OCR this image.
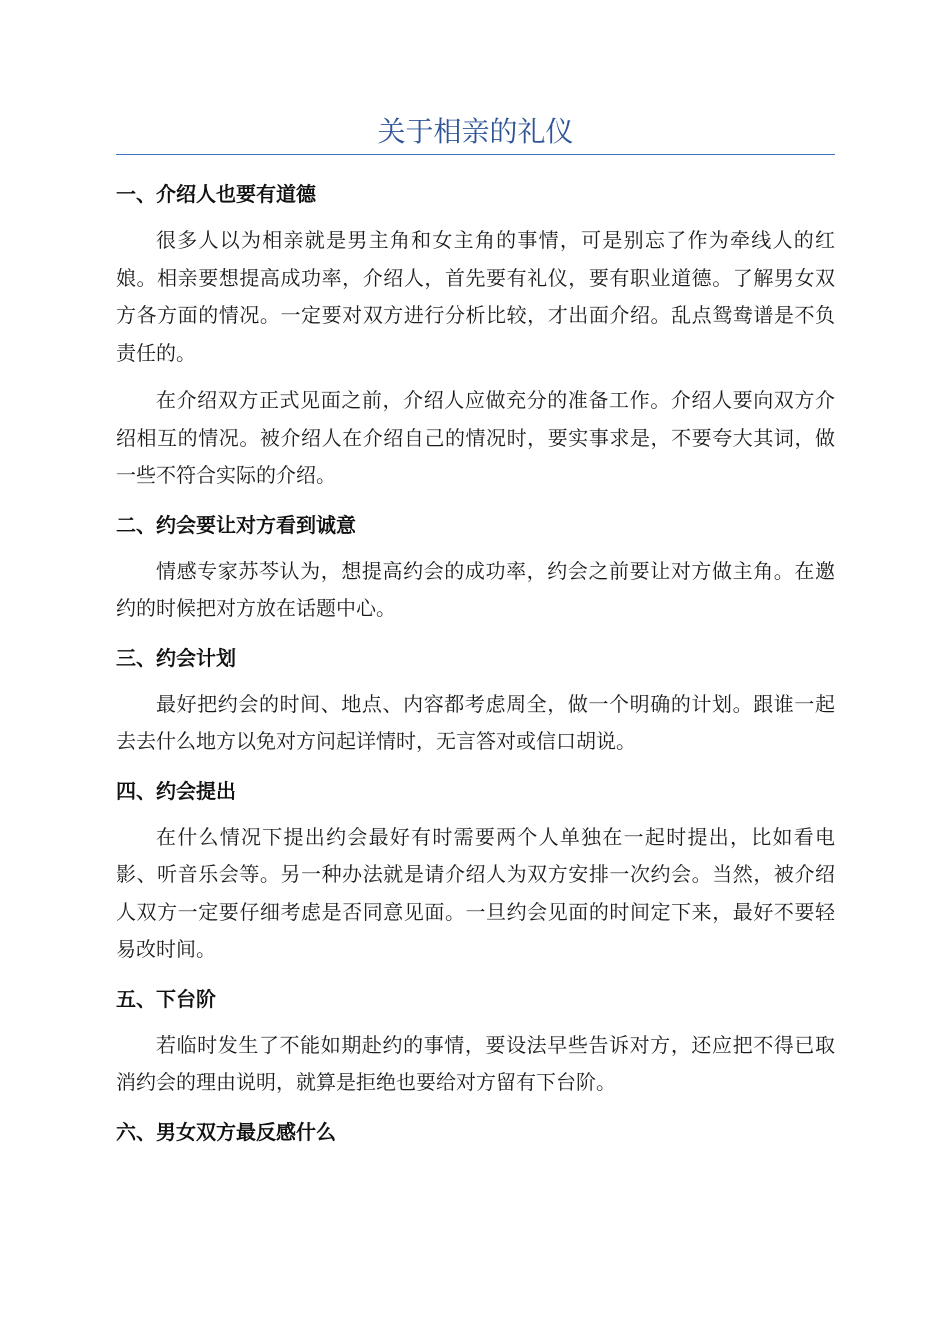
关于相亲的礼仪
一、介绍人也要有道德

很多人以为相亲就是男主角和女主角的事情，可是别忘了作为牵线人的红娘。相亲要想提高成功率，介绍人，首先要有礼仪，要有职业道德。了解男女双方各方面的情况。一定要对双方进行分析比较，才出面介绍。乱点鸳鸯谱是不负责任的。

在介绍双方正式见面之前，介绍人应做充分的准备工作。介绍人要向双方介绍相互的情况。被介绍人在介绍自己的情况时，要实事求是，不要夸大其词，做一些不符合实际的介绍。

二、约会要让对方看到诚意

情感专家苏芩认为，想提高约会的成功率，约会之前要让对方做主角。在邀约的时候把对方放在话题中心。

三、约会计划

最好把约会的时间、地点、内容都考虑周全，做一个明确的计划。跟谁一起去去什么地方以免对方问起详情时，无言答对或信口胡说。

四、约会提出

在什么情况下提出约会最好有时需要两个人单独在一起时提出，比如看电影、听音乐会等。另一种办法就是请介绍人为双方安排一次约会。当然，被介绍人双方一定要仔细考虑是否同意见面。一旦约会见面的时间定下来，最好不要轻易改时间。

五、下台阶

若临时发生了不能如期赴约的事情，要设法早些告诉对方，还应把不得已取消约会的理由说明，就算是拒绝也要给对方留有下台阶。

六、男女双方最反感什么
